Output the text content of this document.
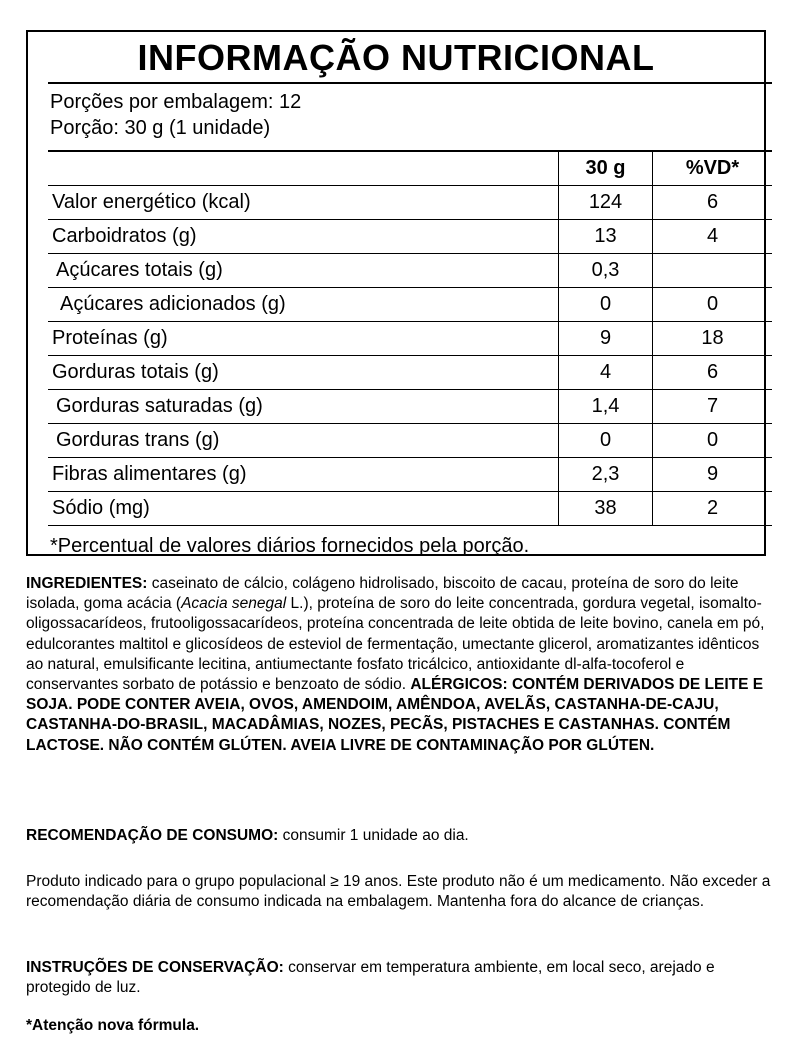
INFORMAÇÃO NUTRICIONAL
Porções por embalagem: 12
Porção: 30 g (1 unidade)
	30 g	%VD*
Valor energético (kcal)	124	6
Carboidratos (g)	13	4
Açúcares totais (g)	0,3	
Açúcares adicionados (g)	0	0
Proteínas (g)	9	18
Gorduras totais (g)	4	6
Gorduras saturadas (g)	1,4	7
Gorduras trans (g)	0	0
Fibras alimentares (g)	2,3	9
Sódio (mg)	38	2
*Percentual de valores diários fornecidos pela porção.
INGREDIENTES: caseinato de cálcio, colágeno hidrolisado, biscoito de cacau, proteína de soro do leite isolada, goma acácia (Acacia senegal L.), proteína de soro do leite concentrada, gordura vegetal, isomalto-oligossacarídeos, frutooligossacarídeos, proteína concentrada de leite obtida de leite bovino, canela em pó, edulcorantes maltitol e glicosídeos de esteviol de fermentação, umectante glicerol, aromatizantes idênticos ao natural, emulsificante lecitina, antiumectante fosfato tricálcico, antioxidante dl-alfa-tocoferol e conservantes sorbato de potássio e benzoato de sódio. ALÉRGICOS: CONTÉM DERIVADOS DE LEITE E SOJA. PODE CONTER AVEIA, OVOS, AMENDOIM, AMÊNDOA, AVELÃS, CASTANHA-DE-CAJU, CASTANHA-DO-BRASIL, MACADÂMIAS, NOZES, PECÃS, PISTACHES E CASTANHAS. CONTÉM LACTOSE. NÃO CONTÉM GLÚTEN. AVEIA LIVRE DE CONTAMINAÇÃO POR GLÚTEN.
RECOMENDAÇÃO DE CONSUMO: consumir 1 unidade ao dia.
Produto indicado para o grupo populacional ≥ 19 anos. Este produto não é um medicamento. Não exceder a recomendação diária de consumo indicada na embalagem. Mantenha fora do alcance de crianças.
INSTRUÇÕES DE CONSERVAÇÃO: conservar em temperatura ambiente, em local seco, arejado e protegido de luz.
*Atenção nova fórmula.
